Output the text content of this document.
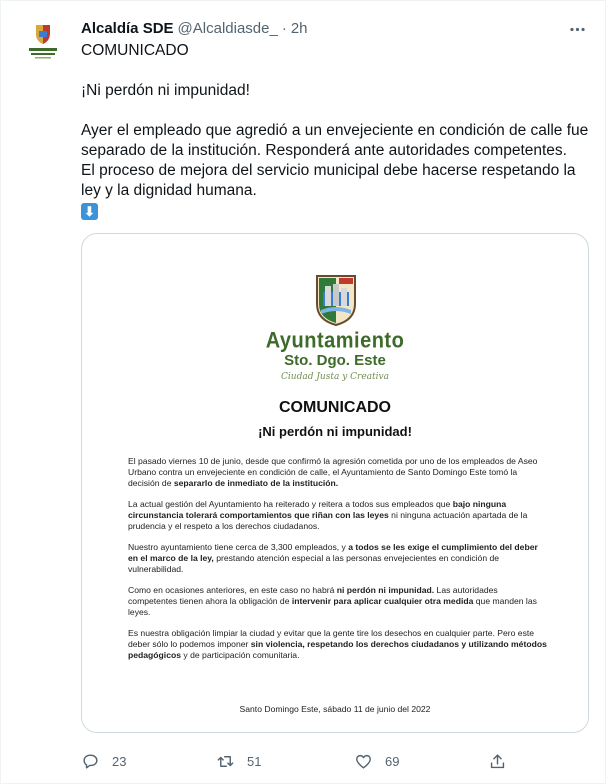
Alcaldía SDE @Alcaldiasde_ · 2h

COMUNICADO

¡Ni perdón ni impunidad!

Ayer el empleado que agredió a un envejeciente en condición de calle fue separado de la institución. Responderá ante autoridades competentes.
El proceso de mejora del servicio municipal debe hacerse respetando la ley y la dignidad humana.

⬇
Ayuntamiento
Sto. Dgo. Este
Ciudad Justa y Creativa
COMUNICADO
¡Ni perdón ni impunidad!

El pasado viernes 10 de junio, desde que confirmó la agresión cometida por uno de los empleados de Aseo Urbano contra un envejeciente en condición de calle, el Ayuntamiento de Santo Domingo Este tomó la decisión de separarlo de inmediato de la institución.

La actual gestión del Ayuntamiento ha reiterado y reitera a todos sus empleados que bajo ninguna circunstancia tolerará comportamientos que riñan con las leyes ni ninguna actuación apartada de la prudencia y el respeto a los derechos ciudadanos.

Nuestro ayuntamiento tiene cerca de 3,300 empleados, y a todos se les exige el cumplimiento del deber en el marco de la ley, prestando atención especial a las personas envejecientes en condición de vulnerabilidad.

Como en ocasiones anteriores, en este caso no habrá ni perdón ni impunidad. Las autoridades competentes tienen ahora la obligación de intervenir para aplicar cualquier otra medida que manden las leyes.

Es nuestra obligación limpiar la ciudad y evitar que la gente tire los desechos en cualquier parte. Pero este deber sólo lo podemos imponer sin violencia, respetando los derechos ciudadanos y utilizando métodos pedagógicos y de participación comunitaria.

Santo Domingo Este, sábado 11 de junio del 2022
23	51	69
